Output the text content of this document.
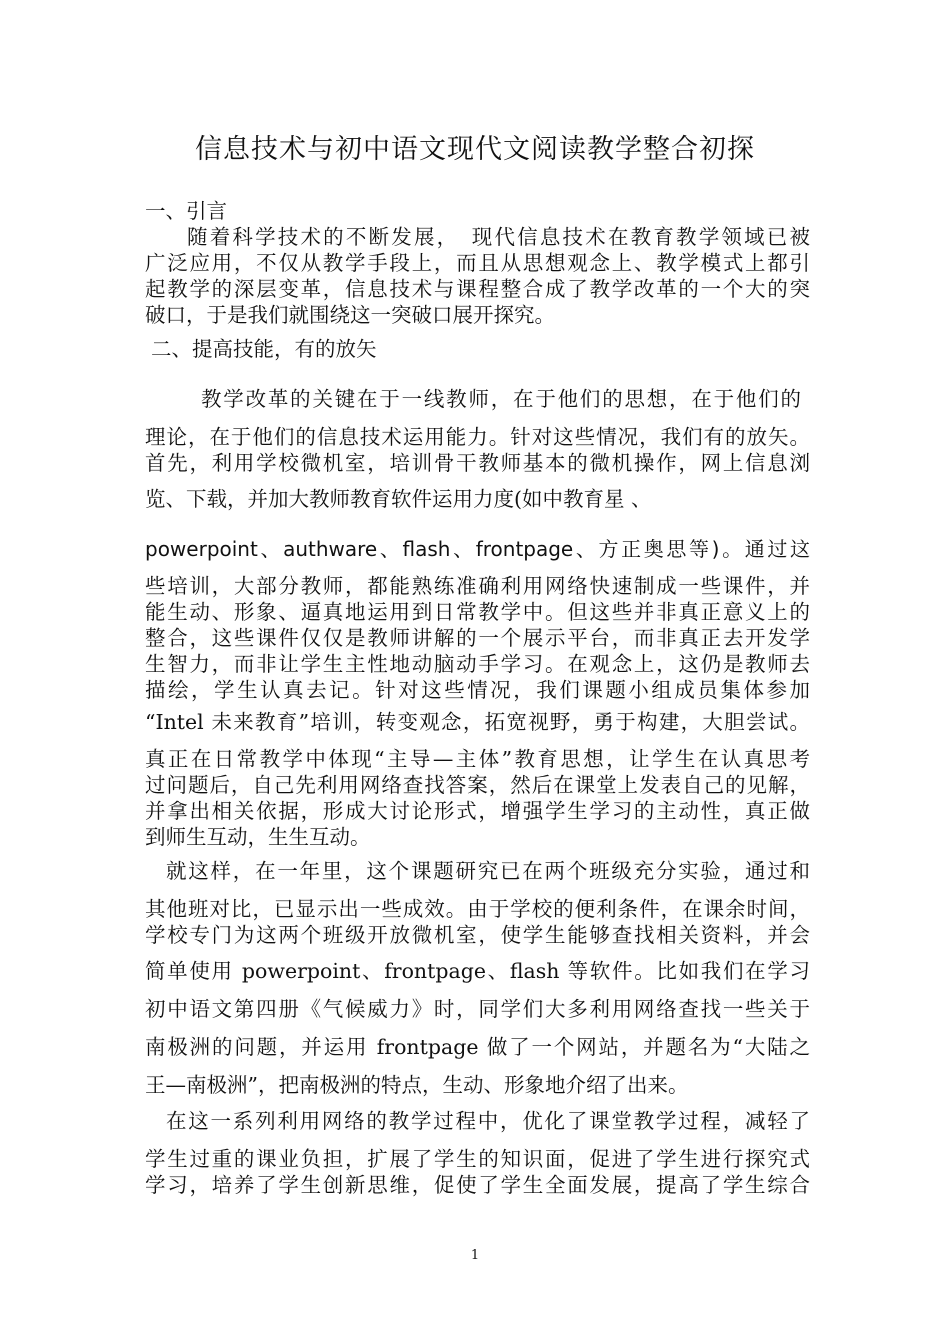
信息技术与初中语文现代文阅读教学整合初探
一、引言
随着科学技术的不断发展，　现代信息技术在教育教学领域已被
广泛应用，不仅从教学手段上，而且从思想观念上、教学模式上都引
起教学的深层变革，信息技术与课程整合成了教学改革的一个大的突
破口，于是我们就围绕这一突破口展开探究。
二、提高技能，有的放矢
教学改革的关键在于一线教师，在于他们的思想，在于他们的
理论，在于他们的信息技术运用能力。针对这些情况，我们有的放矢。
首先，利用学校微机室，培训骨干教师基本的微机操作，网上信息浏
览、下载，并加大教师教育软件运用力度(如中教育星 、
powerpoint、authware、flash、frontpage、方正奥思等)。通过这
些培训，大部分教师，都能熟练准确利用网络快速制成一些课件，并
能生动、形象、逼真地运用到日常教学中。但这些并非真正意义上的
整合，这些课件仅仅是教师讲解的一个展示平台，而非真正去开发学
生智力，而非让学生主性地动脑动手学习。在观念上，这仍是教师去
描绘，学生认真去记。针对这些情况，我们课题小组成员集体参加
“Intel 未来教育”培训，转变观念，拓宽视野，勇于构建，大胆尝试。
真正在日常教学中体现“主导—主体”教育思想，让学生在认真思考
过问题后，自己先利用网络查找答案，然后在课堂上发表自己的见解，
并拿出相关依据，形成大讨论形式，增强学生学习的主动性，真正做
到师生互动，生生互动。
就这样，在一年里，这个课题研究已在两个班级充分实验，通过和
其他班对比，已显示出一些成效。由于学校的便利条件，在课余时间，
学校专门为这两个班级开放微机室，使学生能够查找相关资料，并会
简单使用 powerpoint、frontpage、flash 等软件。比如我们在学习
初中语文第四册《气候威力》时，同学们大多利用网络查找一些关于
南极洲的问题，并运用 frontpage 做了一个网站，并题名为“大陆之
王—南极洲”，把南极洲的特点，生动、形象地介绍了出来。
在这一系列利用网络的教学过程中，优化了课堂教学过程，减轻了
学生过重的课业负担，扩展了学生的知识面，促进了学生进行探究式
学习，培养了学生创新思维，促使了学生全面发展，提高了学生综合
1
